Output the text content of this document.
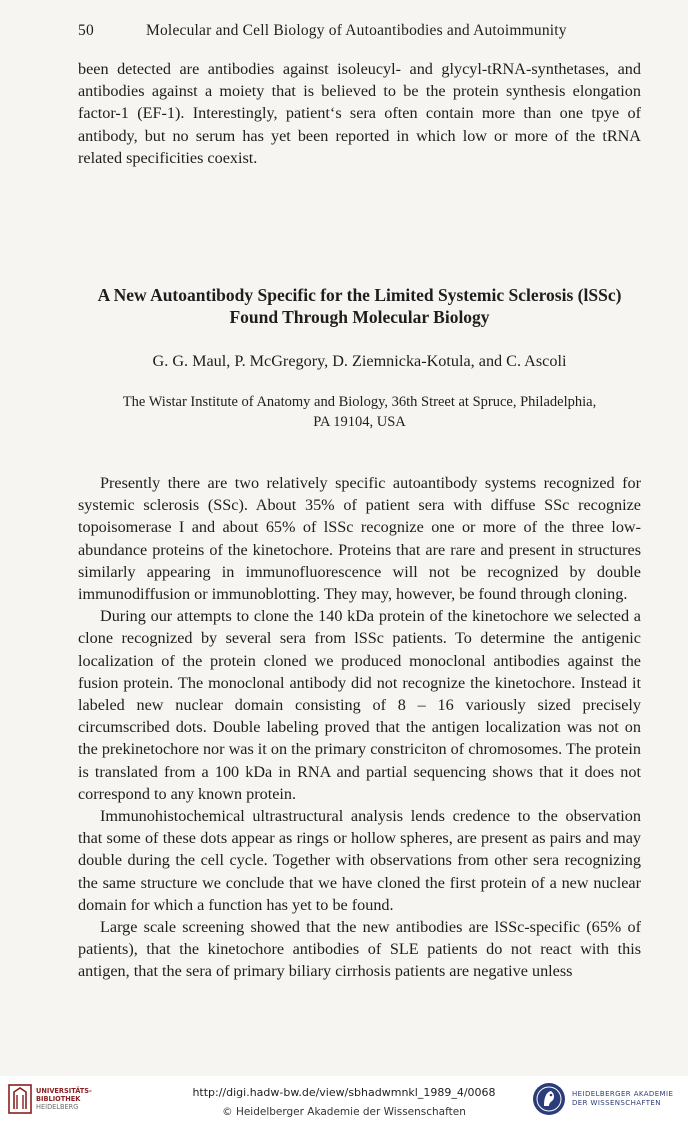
50	Molecular and Cell Biology of Autoantibodies and Autoimmunity

been detected are antibodies against isoleucyl- and glycyl-tRNA-synthetases, and antibodies against a moiety that is believed to be the protein synthesis elongation factor-1 (EF-1). Interestingly, patient‘s sera often contain more than one tpye of antibody, but no serum has yet been reported in which low or more of the tRNA related specificities coexist.

A New Autoantibody Specific for the Limited Systemic Sclerosis (lSSc)
Found Through Molecular Biology
G. G. Maul, P. McGregory, D. Ziemnicka-Kotula, and C. Ascoli
The Wistar Institute of Anatomy and Biology, 36th Street at Spruce, Philadelphia,
PA 19104, USA

Presently there are two relatively specific autoantibody systems recognized for systemic sclerosis (SSc). About 35% of patient sera with diffuse SSc recognize topoisomerase I and about 65% of lSSc recognize one or more of the three low-abundance proteins of the kinetochore. Proteins that are rare and present in structures similarly appearing in immunofluorescence will not be recognized by double immunodiffusion or immunoblotting. They may, however, be found through cloning.

During our attempts to clone the 140 kDa protein of the kinetochore we selected a clone recognized by several sera from lSSc patients. To determine the antigenic localization of the protein cloned we produced monoclonal antibodies against the fusion protein. The monoclonal antibody did not recognize the kinetochore. Instead it labeled new nuclear domain consisting of 8 – 16 variously sized precisely circumscribed dots. Double labeling proved that the antigen localization was not on the prekinetochore nor was it on the primary constriciton of chromosomes. The protein is translated from a 100 kDa in RNA and partial sequencing shows that it does not correspond to any known protein.

Immunohistochemical ultrastructural analysis lends credence to the observation that some of these dots appear as rings or hollow spheres, are present as pairs and may double during the cell cycle. Together with observations from other sera recognizing the same structure we conclude that we have cloned the first protein of a new nuclear domain for which a function has yet to be found.

Large scale screening showed that the new antibodies are lSSc-specific (65% of patients), that the kinetochore antibodies of SLE patients do not react with this antigen, that the sera of primary biliary cirrhosis patients are negative unless

UNIVERSITÄTS-
BIBLIOTHEK
HEIDELBERG
http://digi.hadw-bw.de/view/sbhadwmnkl_1989_4/0068
© Heidelberger Akademie der Wissenschaften
HEIDELBERGER AKADEMIE
DER WISSENSCHAFTEN
